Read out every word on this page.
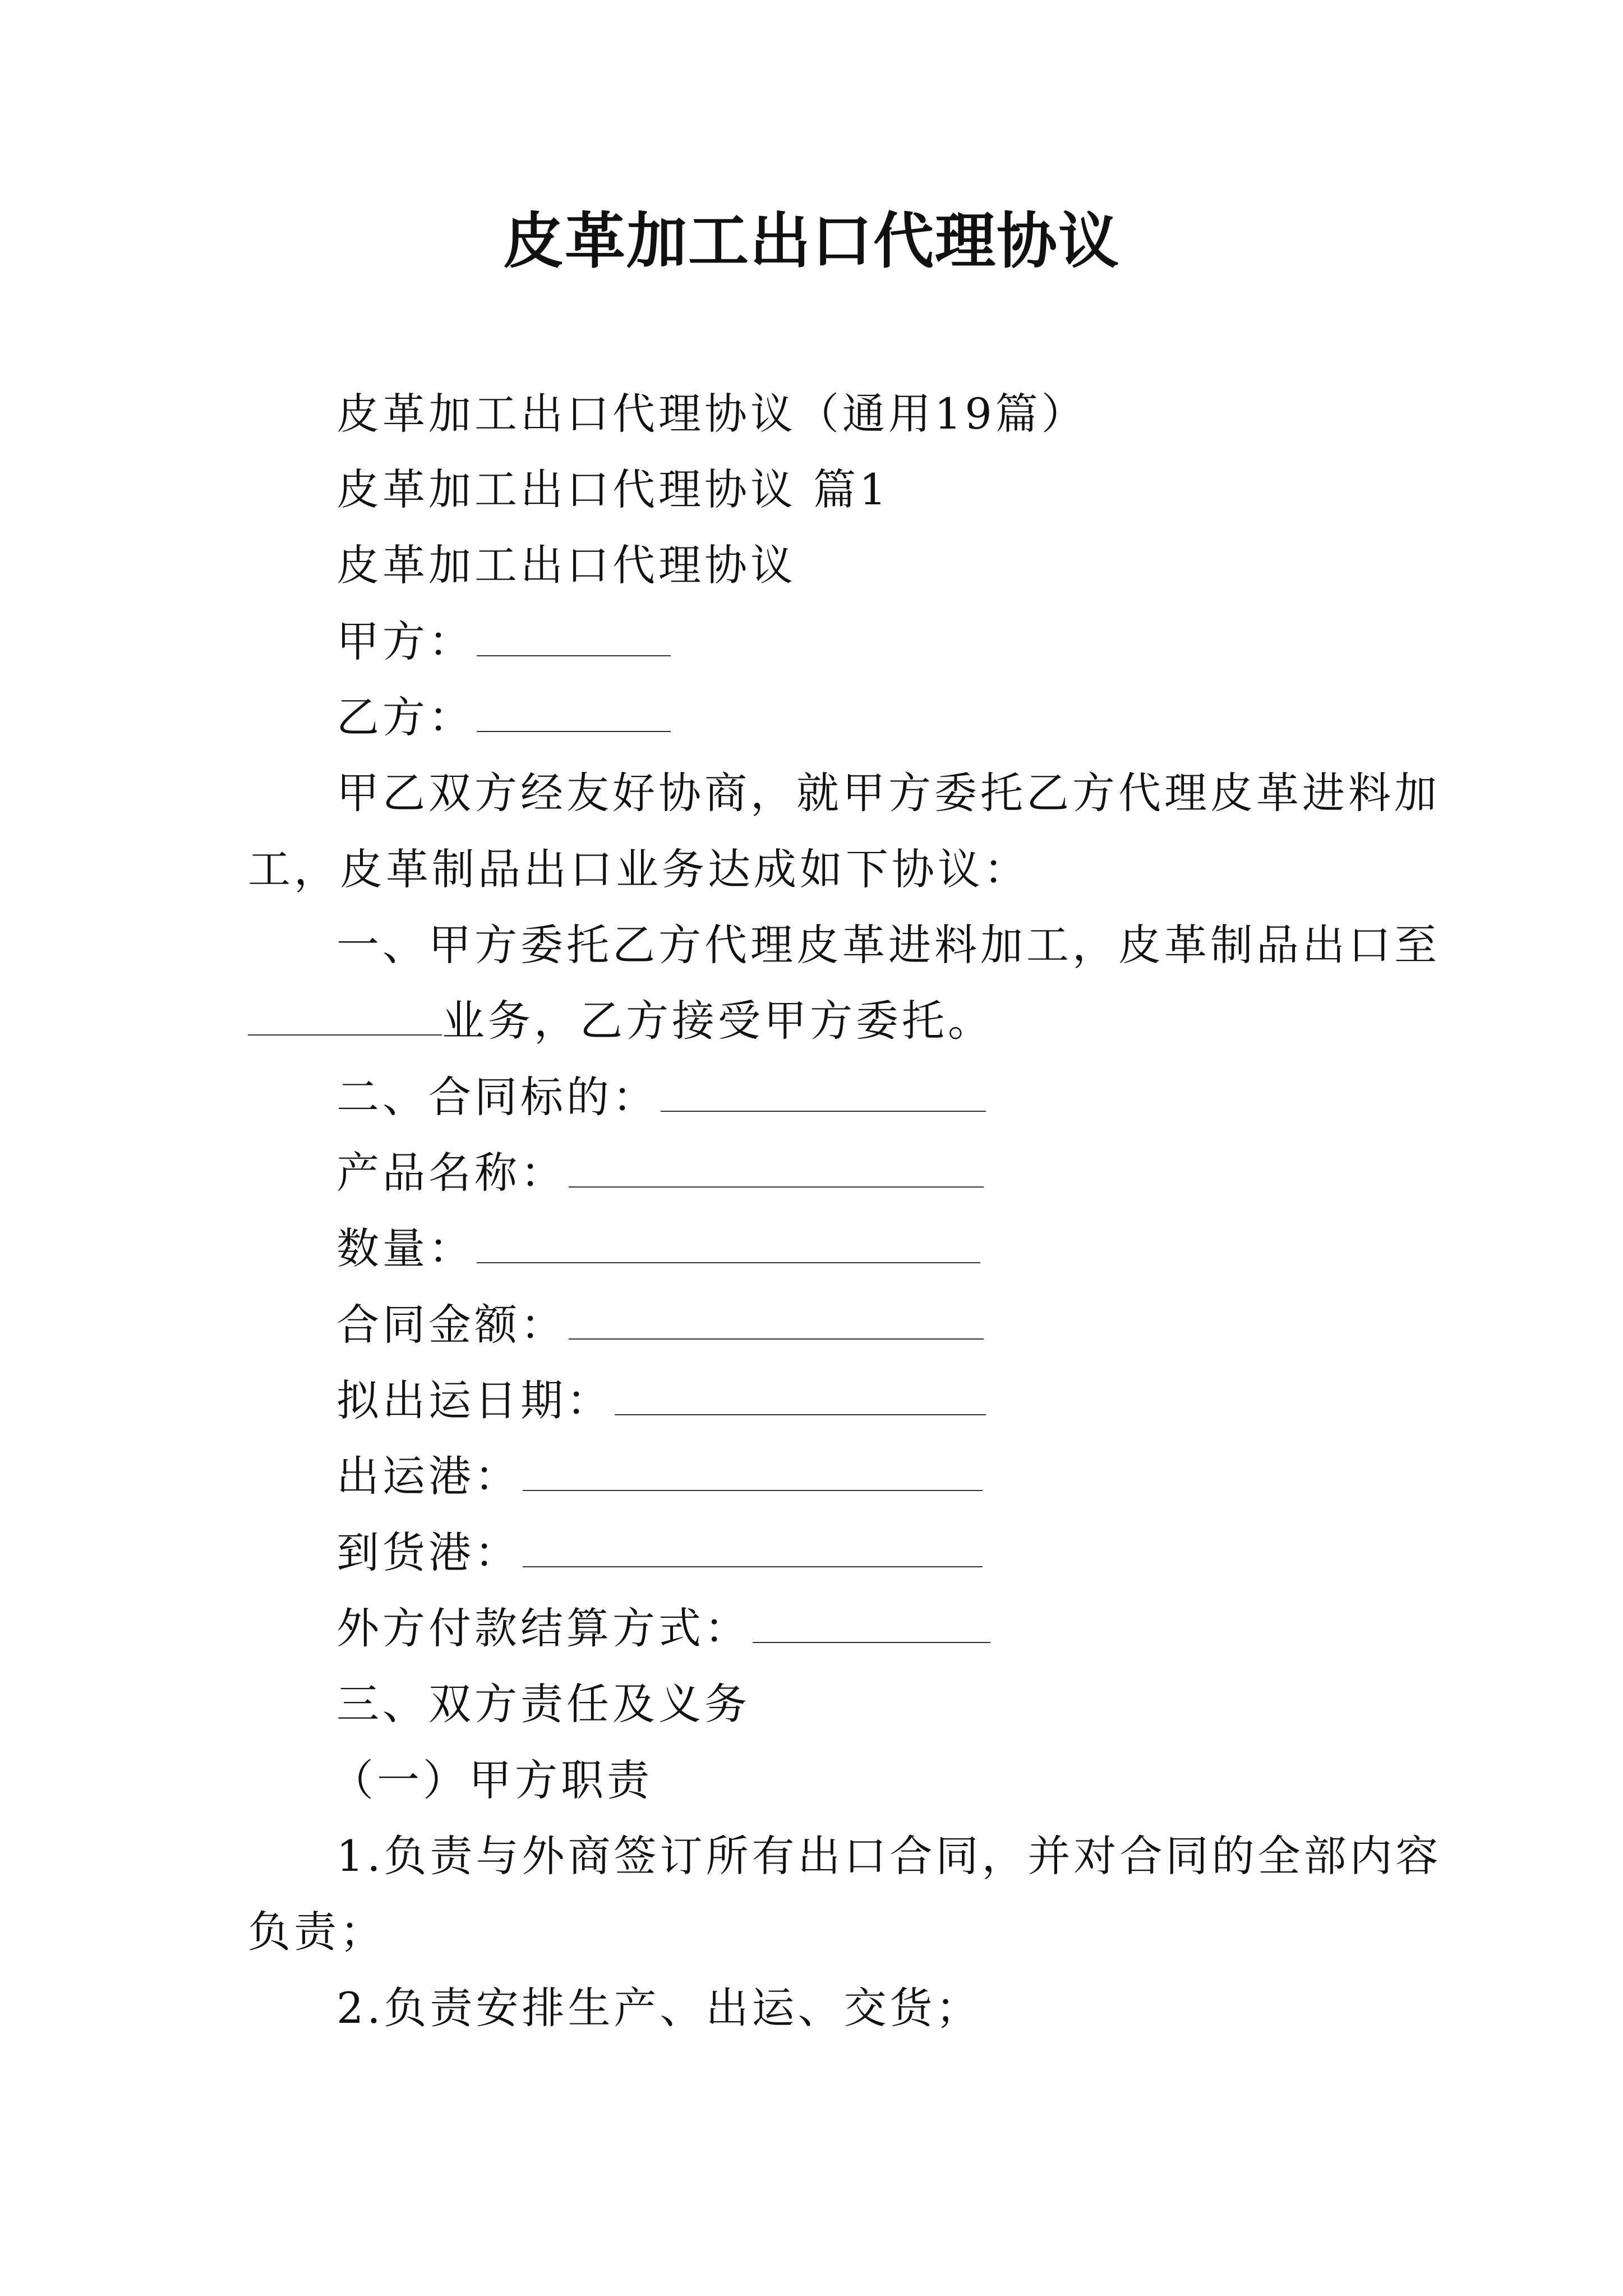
皮革加工出口代理协议
皮革加工出口代理协议（通用19篇）
皮革加工出口代理协议 篇1
皮革加工出口代理协议
甲方：
乙方：
甲乙双方经友好协商，就甲方委托乙方代理皮革进料加
工，皮革制品出口业务达成如下协议：
一、甲方委托乙方代理皮革进料加工，皮革制品出口至
业务，乙方接受甲方委托。
二、合同标的：
产品名称：
数量：
合同金额：
拟出运日期：
出运港：
到货港：
外方付款结算方式：
三、双方责任及义务
（一）甲方职责
1.负责与外商签订所有出口合同，并对合同的全部内容
负责；
2.负责安排生产、出运、交货；
